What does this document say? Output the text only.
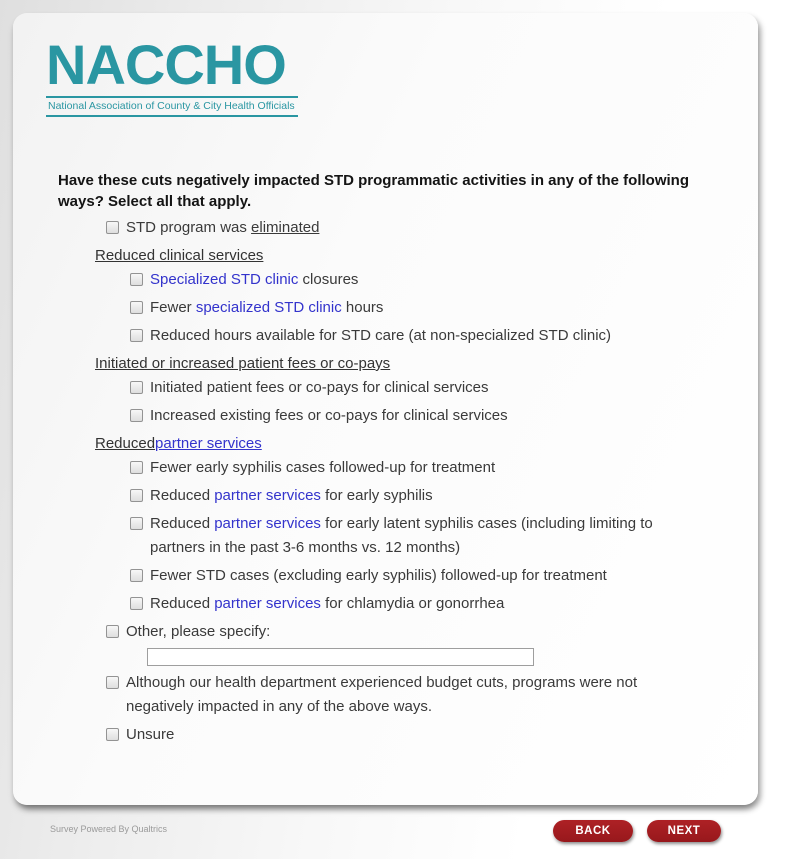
NACCHO
National Association of County & City Health Officials
Have these cuts negatively impacted STD programmatic activities in any of the following
ways? Select all that apply.
STD program was eliminated
Reduced clinical services
Specialized STD clinic closures
Fewer specialized STD clinic hours
Reduced hours available for STD care (at non-specialized STD clinic)
Initiated or increased patient fees or co-pays
Initiated patient fees or co-pays for clinical services
Increased existing fees or co-pays for clinical services
Reduced partner services
Fewer early syphilis cases followed-up for treatment
Reduced partner services for early syphilis
Reduced partner services for early latent syphilis cases (including limiting to
partners in the past 3-6 months vs. 12 months)
Fewer STD cases (excluding early syphilis) followed-up for treatment
Reduced partner services for chlamydia or gonorrhea
Other, please specify:
Although our health department experienced budget cuts, programs were not
negatively impacted in any of the above ways.
Unsure
Survey Powered By Qualtrics	BACK	NEXT
